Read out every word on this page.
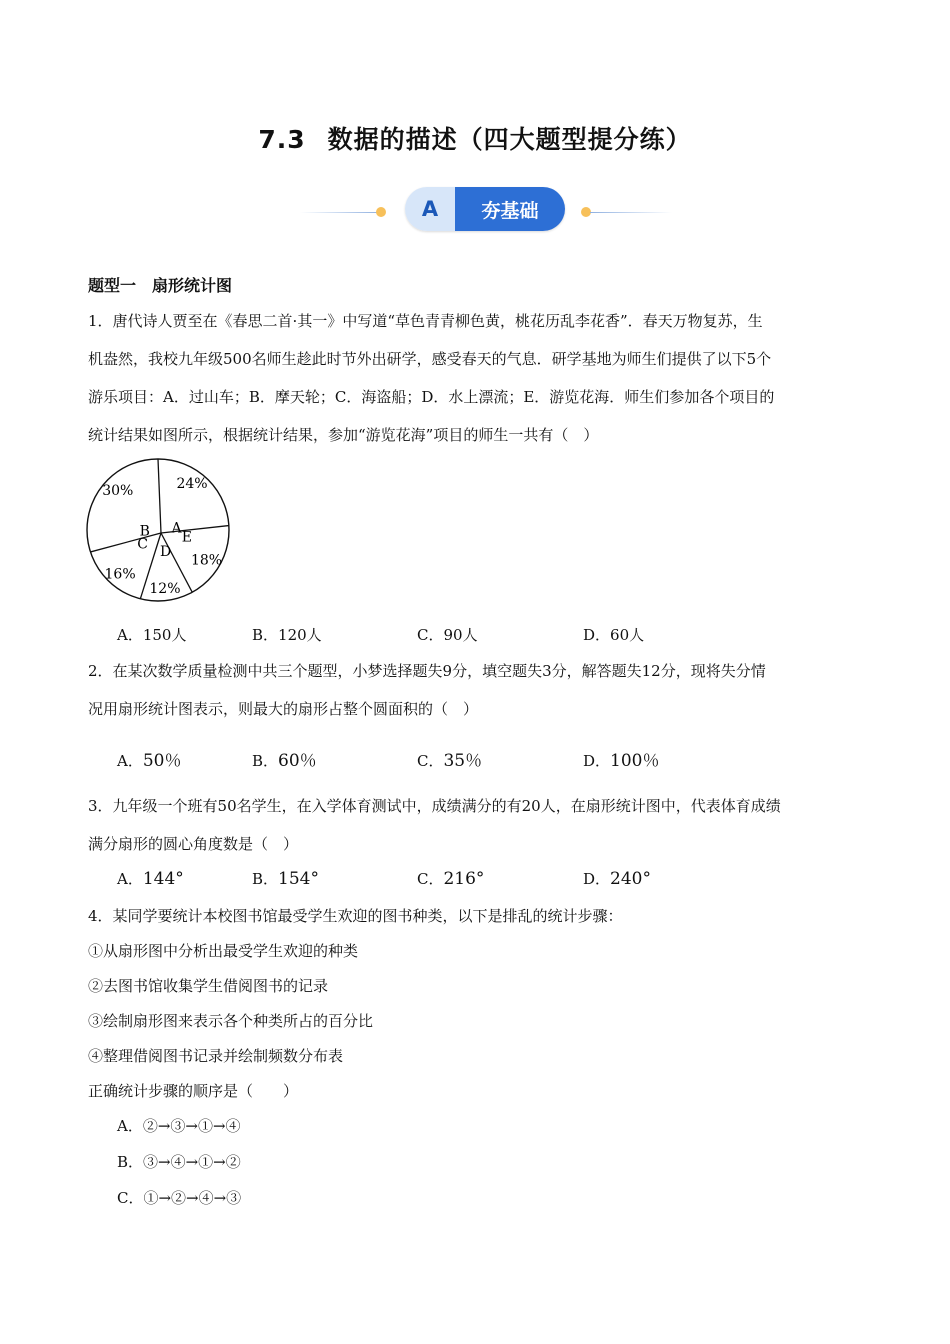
7.3 数据的描述（四大题型提分练）
A	夯基础
题型一　扇形统计图
1．唐代诗人贾至在《春思二首·其一》中写道“草色青青柳色黄，桃花历乱李花香”．春天万物复苏，生
机盎然，我校九年级500名师生趁此时节外出研学，感受春天的气息．研学基地为师生们提供了以下5个
游乐项目：A．过山车；B．摩天轮；C．海盗船；D．水上漂流；E．游览花海．师生们参加各个项目的
统计结果如图所示，根据统计结果，参加“游览花海”项目的师生一共有（　）
24%
A
18%
E
12%
D
16%
C
30%
B
A．150人	B．120人	C．90人	D．60人
2．在某次数学质量检测中共三个题型，小梦选择题失9分，填空题失3分，解答题失12分，现将失分情
况用扇形统计图表示，则最大的扇形占整个圆面积的（　）
A．50％	B．60％	C．35％	D．100％
3．九年级一个班有50名学生，在入学体育测试中，成绩满分的有20人，在扇形统计图中，代表体育成绩
满分扇形的圆心角度数是（　）
A．144°	B．154°	C．216°	D．240°
4．某同学要统计本校图书馆最受学生欢迎的图书种类，以下是排乱的统计步骤：
①从扇形图中分析出最受学生欢迎的种类
②去图书馆收集学生借阅图书的记录
③绘制扇形图来表示各个种类所占的百分比
④整理借阅图书记录并绘制频数分布表
正确统计步骤的顺序是（　　）
A．②→③→①→④
B．③→④→①→②
C．①→②→④→③
